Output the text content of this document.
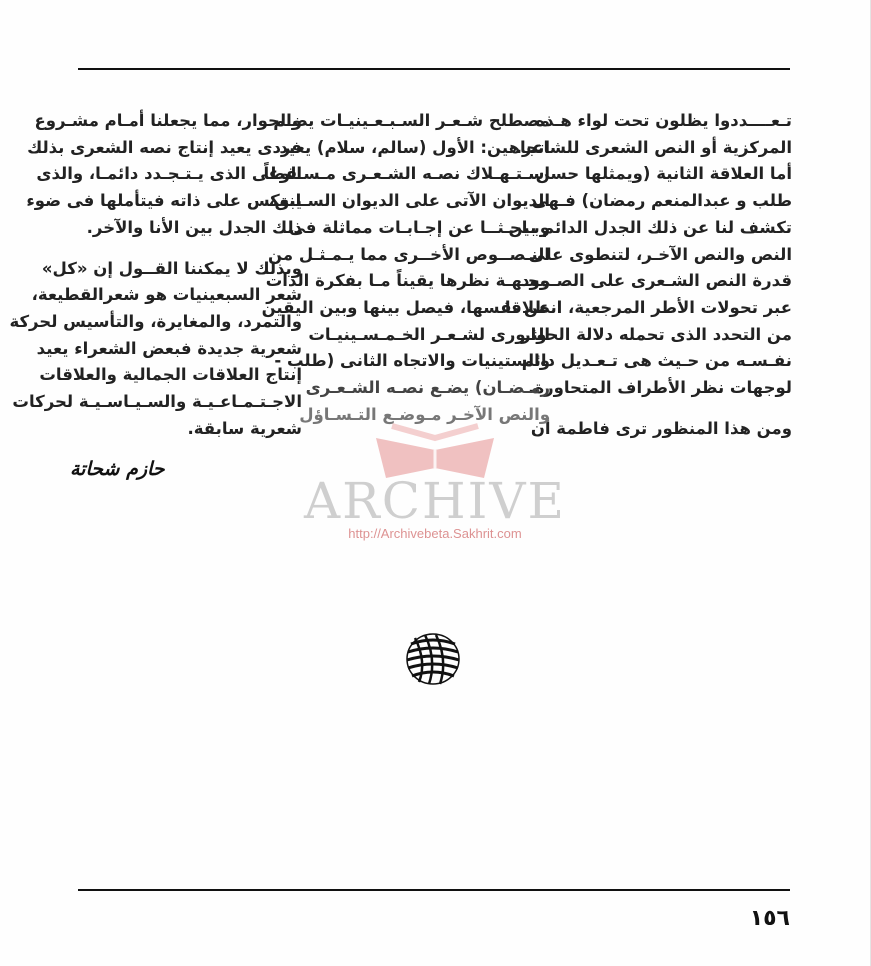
تـعــــددوا يظلون تحت لواء هـذه
المركزية أو النص الشعرى للشاعر.
أما العلاقة الثانية (ويمثلها حسن
طلب و عبدالمنعم رمضان) فـهى
تكشف لنا عن ذلك الجدل الدائم بين
النص والنص الآخـر، لتنطوى على
قدرة النص الشـعرى على الصـمود
عبر تحولات الأطر المرجعية، انطلاقا
من التحدد الذى تحمله دلالة الحوار
نفـسـه من حـيث هى تـعـديل دائم
لوجهات نظر الأطراف المتحاورة.
ومن هذا المنظور ترى فاطمة أن
مصطلح شـعـر السـبـعـينيـات يضـم
اتجاهين: الأول (سالم، سلام) يعيد
اسـتـهـلاك نصـه الشـعـرى مـسـقطاً
الديوان الآتى على الديوان السـابق،
وبـاحـثــا عن إجـابـات مماثلة فى
النـصــوص الأخــرى مما يـمـثـل من
وجـهـة نظرها يقيناً مـا بفكرة الذات
عن نفسها، فيصل بينها وبين اليقين
الثـورى لشـعـر الخـمـسـينيـات
والستينيات والاتجاه الثانى (طلب -
رمـضـان) يضـع نصـه الشـعـرى
والنص الآخـر مـوضـع التـسـاؤل
والحوار، مما يجعلنا أمـام مشـروع
فردى يعيد إنتاج نصه الشعرى بذلك
الوعى الذى يـتـجـدد دائمـا، والذى
ينعكس على ذاته فيتأملها فى ضوء
ذلك الجدل بين الأنا والآخر.
وبذلك لا يمكننا القــول إن «كل»
شعر السبعينيات هو شعرالقطيعة،
والتمرد، والمغايرة، والتأسيس لحركة
شعرية جديدة فبعض الشعراء يعيد
إنتاج العلاقات الجمالية والعلاقات
الاجـتـمـاعـيـة والسـيـاسـيـة لحركات
شعرية سابقة.
حازم شحاتة
ARCHIVE
http://Archivebeta.Sakhrit.com
١٥٦
